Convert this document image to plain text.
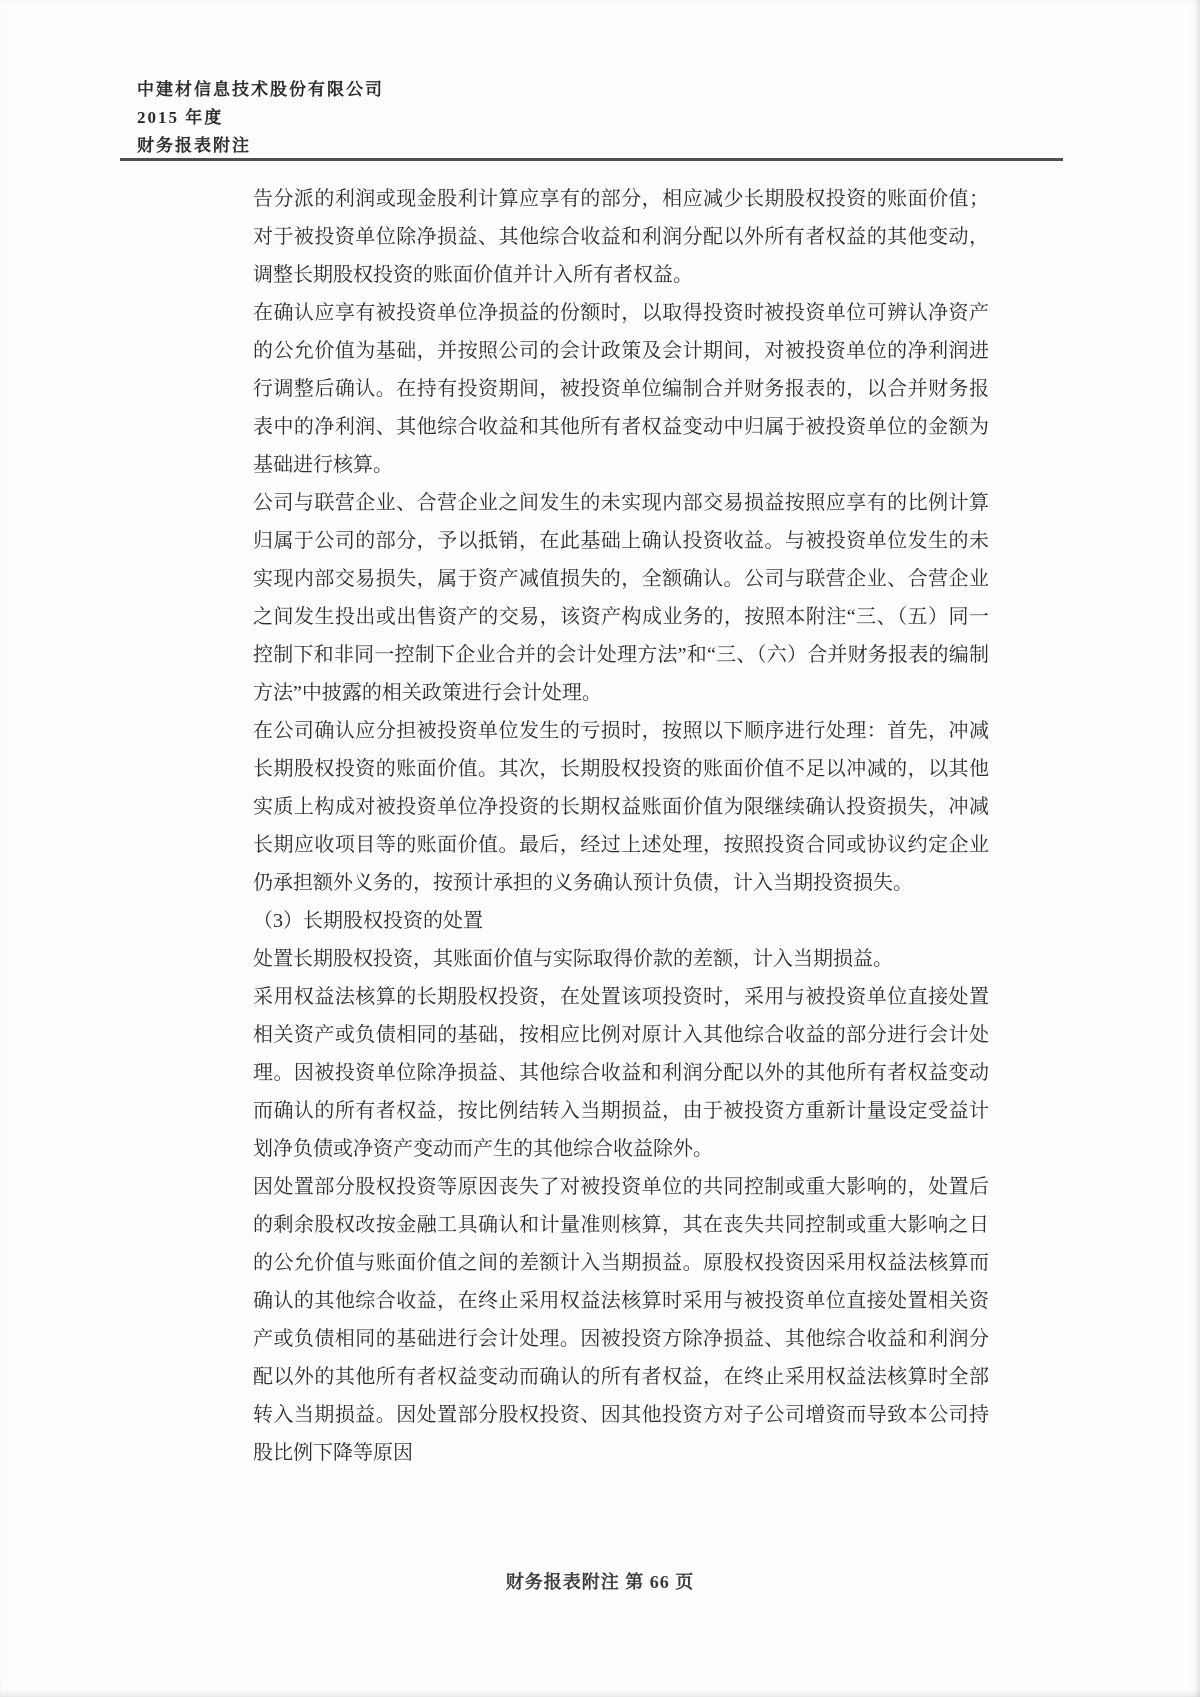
中建材信息技术股份有限公司
2015 年度
财务报表附注

告分派的利润或现金股利计算应享有的部分，相应减少长期股权投资的账面价值；对于被投资单位除净损益、其他综合收益和利润分配以外所有者权益的其他变动，调整长期股权投资的账面价值并计入所有者权益。

在确认应享有被投资单位净损益的份额时，以取得投资时被投资单位可辨认净资产的公允价值为基础，并按照公司的会计政策及会计期间，对被投资单位的净利润进行调整后确认。在持有投资期间，被投资单位编制合并财务报表的，以合并财务报表中的净利润、其他综合收益和其他所有者权益变动中归属于被投资单位的金额为基础进行核算。

公司与联营企业、合营企业之间发生的未实现内部交易损益按照应享有的比例计算归属于公司的部分，予以抵销，在此基础上确认投资收益。与被投资单位发生的未实现内部交易损失，属于资产减值损失的，全额确认。公司与联营企业、合营企业之间发生投出或出售资产的交易，该资产构成业务的，按照本附注“三、（五）同一控制下和非同一控制下企业合并的会计处理方法”和“三、（六）合并财务报表的编制方法”中披露的相关政策进行会计处理。

在公司确认应分担被投资单位发生的亏损时，按照以下顺序进行处理：首先，冲减长期股权投资的账面价值。其次，长期股权投资的账面价值不足以冲减的，以其他实质上构成对被投资单位净投资的长期权益账面价值为限继续确认投资损失，冲减长期应收项目等的账面价值。最后，经过上述处理，按照投资合同或协议约定企业仍承担额外义务的，按预计承担的义务确认预计负债，计入当期投资损失。

（3）长期股权投资的处置

处置长期股权投资，其账面价值与实际取得价款的差额，计入当期损益。

采用权益法核算的长期股权投资，在处置该项投资时，采用与被投资单位直接处置相关资产或负债相同的基础，按相应比例对原计入其他综合收益的部分进行会计处理。因被投资单位除净损益、其他综合收益和利润分配以外的其他所有者权益变动而确认的所有者权益，按比例结转入当期损益，由于被投资方重新计量设定受益计划净负债或净资产变动而产生的其他综合收益除外。

因处置部分股权投资等原因丧失了对被投资单位的共同控制或重大影响的，处置后的剩余股权改按金融工具确认和计量准则核算，其在丧失共同控制或重大影响之日的公允价值与账面价值之间的差额计入当期损益。原股权投资因采用权益法核算而确认的其他综合收益，在终止采用权益法核算时采用与被投资单位直接处置相关资产或负债相同的基础进行会计处理。因被投资方除净损益、其他综合收益和利润分配以外的其他所有者权益变动而确认的所有者权益，在终止采用权益法核算时全部转入当期损益。因处置部分股权投资、因其他投资方对子公司增资而导致本公司持股比例下降等原因

财务报表附注 第 66 页
